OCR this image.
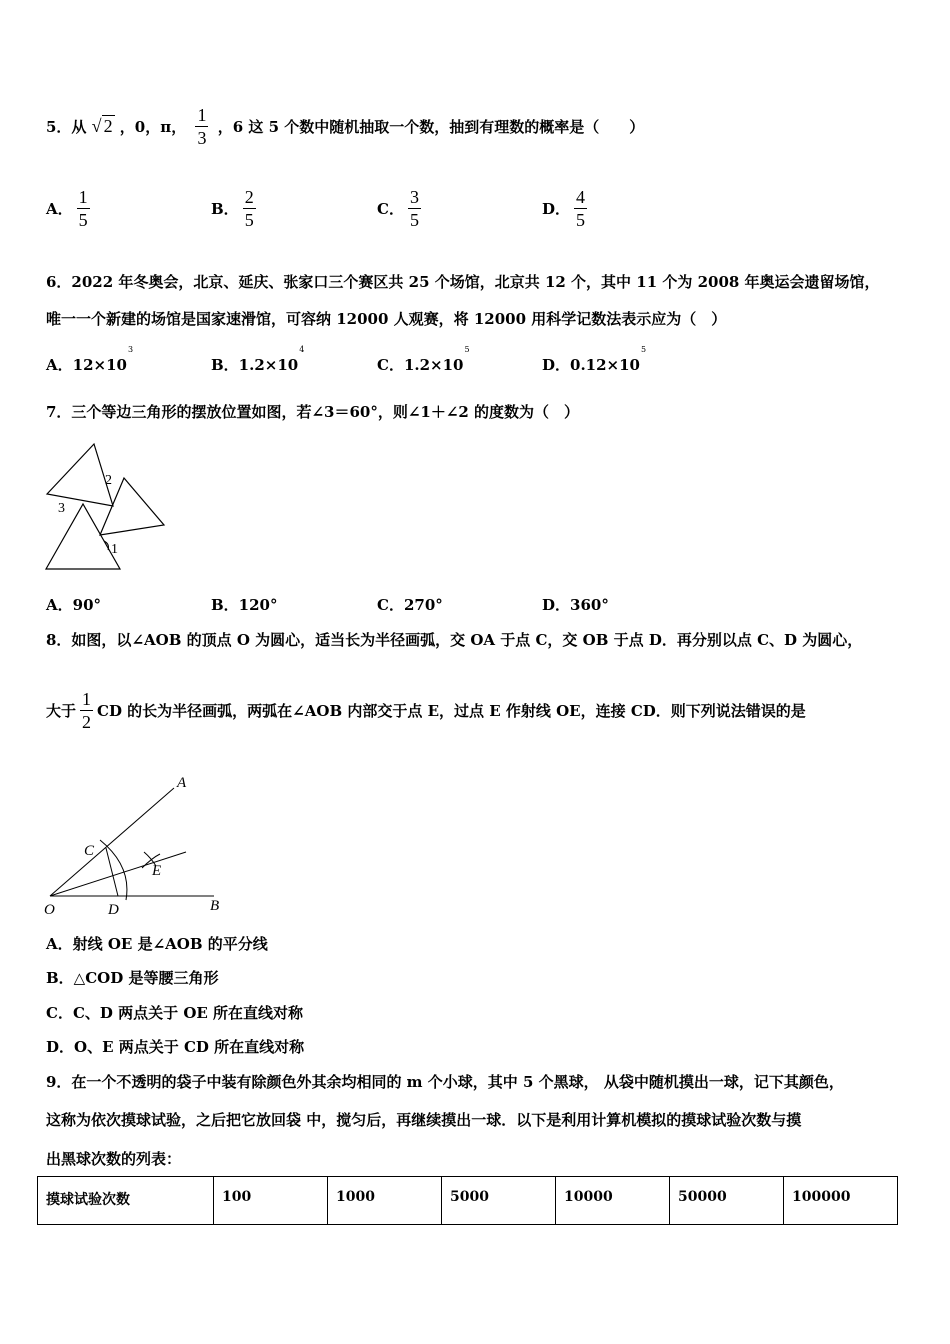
5．从 √ 2 ，0，π， $\frac{1}{3}$ ，6 这 5 个数中随机抽取一个数，抽到有理数的概率是（　　）
A． $\frac{1}{5}$	B． $\frac{2}{5}$	C． $\frac{3}{5}$	D． $\frac{4}{5}$
6．2022 年冬奥会，北京、延庆、张家口三个赛区共 25 个场馆，北京共 12 个，其中 11 个为 2008 年奥运会遗留场馆，
唯一一个新建的场馆是国家速滑馆，可容纳 12000 人观赛，将 12000 用科学记数法表示应为（　）
A．$12\times 10^3$
B．$1.2\times 10^4$
C．$1.2\times 10^5$
D．$0.12\times 10^5$
7．三个等边三角形的摆放位置如图，若∠3＝60°，则∠1＋∠2 的度数为（　）
2
3
1
A．90°	B．120°	C．270°	D．360°
8．如图，以∠AOB 的顶点 O 为圆心，适当长为半径画弧，交 OA 于点 C，交 OB 于点 D．再分别以点 C、D 为圆心，
大于 $\frac{1}{2}$ CD 的长为半径画弧，两弧在∠AOB 内部交于点 E，过点 E 作射线 OE，连接 CD．则下列说法错误的是
A
C
E
O	D	B
A．射线 OE 是∠AOB 的平分线
B．△COD 是等腰三角形
C．C、D 两点关于 OE 所在直线对称
D．O、E 两点关于 CD 所在直线对称
9．在一个不透明的袋子中装有除颜色外其余均相同的 m 个小球，其中 5 个黑球， 从袋中随机摸出一球，记下其颜色，
这称为依次摸球试验，之后把它放回袋 中，搅匀后，再继续摸出一球．以下是利用计算机模拟的摸球试验次数与摸
出黑球次数的列表：
摸球试验次数	100	1000	5000	10000	50000	100000
